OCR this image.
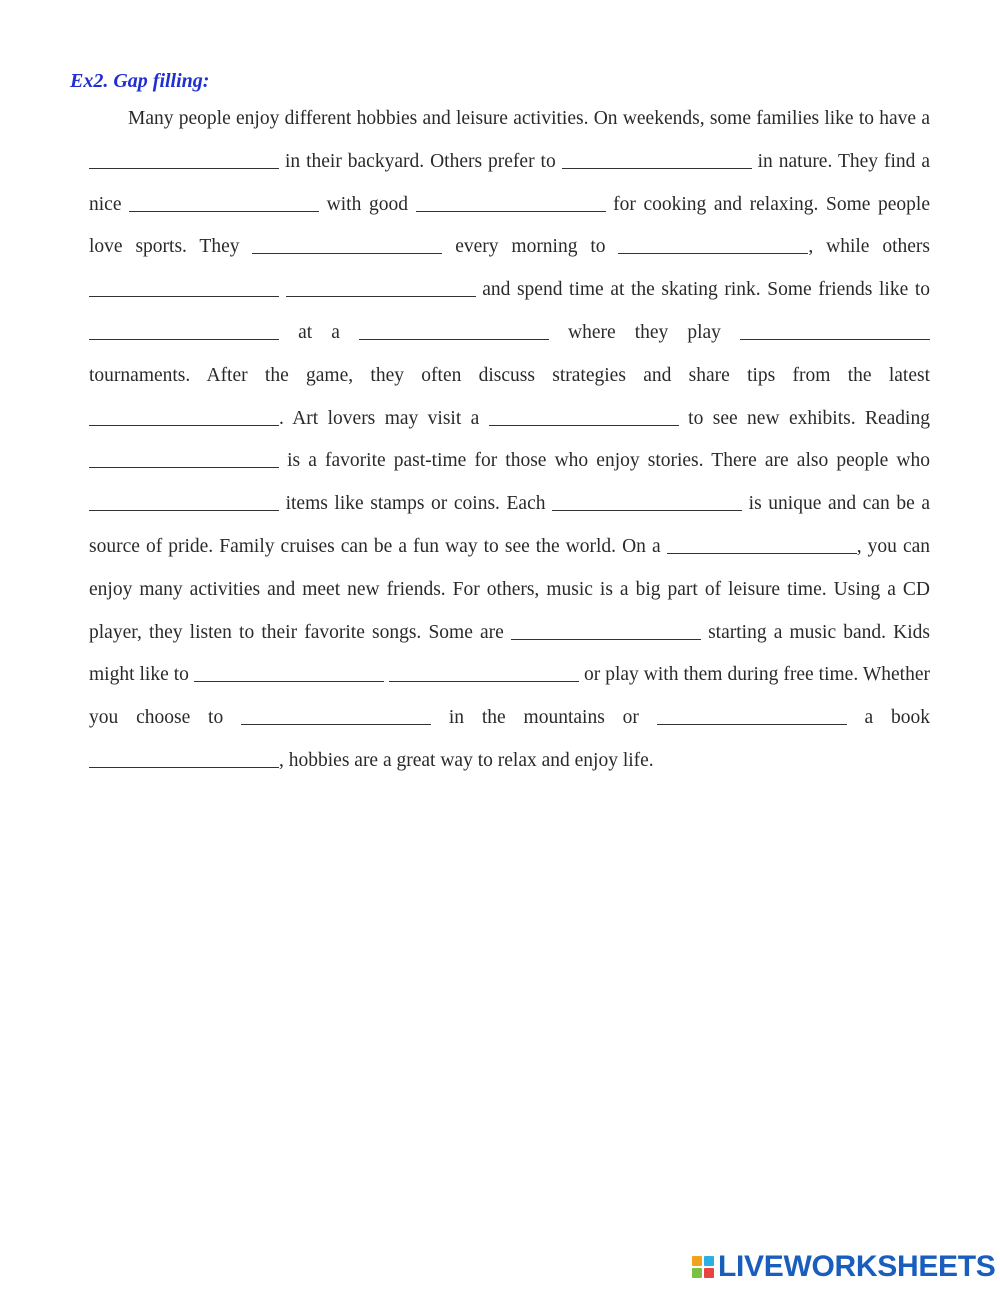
Ex2. Gap filling:

Many people enjoy different hobbies and leisure activities. On weekends, some families like to have a  in their backyard. Others prefer to	in nature. They find a nice	with good	for cooking and relaxing. Some people love sports. They	every morning to	, while others   and spend time at the skating rink. Some friends like to  at a	where they play  tournaments. After the game, they often discuss strategies and share tips from the latest . Art lovers may visit a	to see new exhibits. Reading  is a favorite past-time for those who enjoy stories. There are also people who  items like stamps or coins. Each	is unique and can be a source of pride. Family cruises can be a fun way to see the world. On a	, you can enjoy many activities and meet new friends. For others, music is a big part of leisure time. Using a CD player, they listen to their favorite songs. Some are	starting a music band. Kids might like to	or play with them during free time. Whether you choose to	in the mountains or	a book , hobbies are a great way to relax and enjoy life.

LIVEWORKSHEETS
